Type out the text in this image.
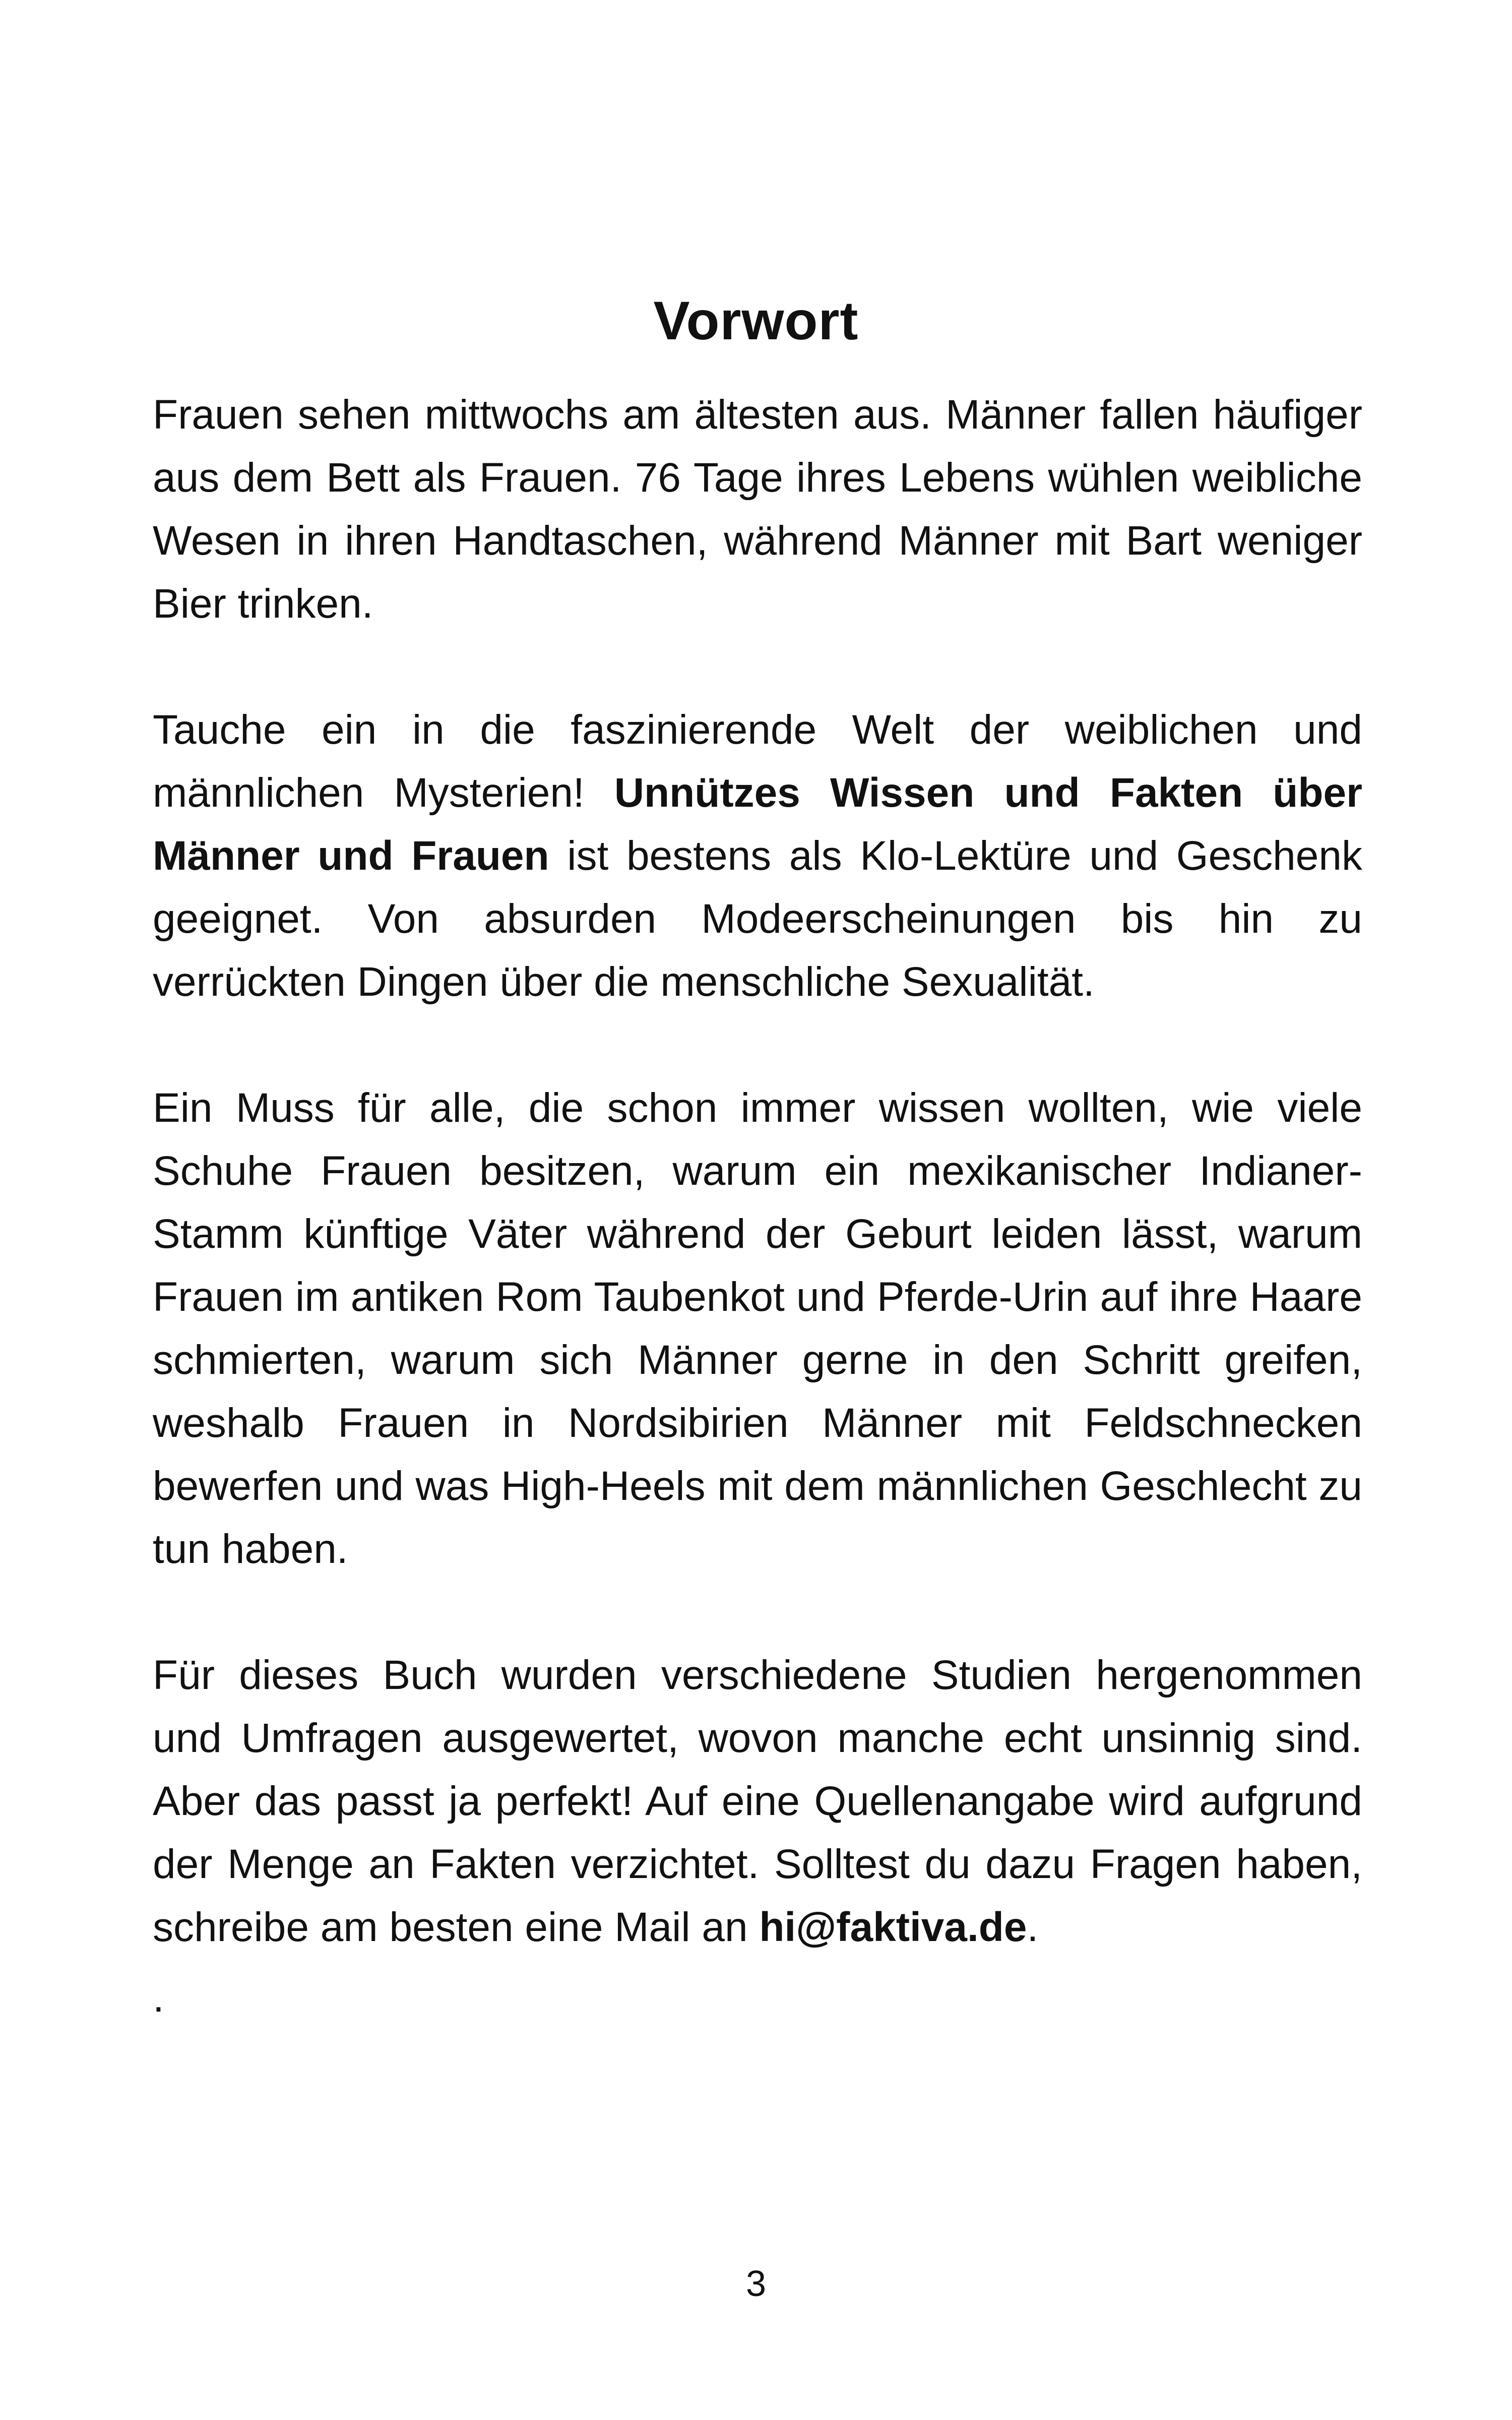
Vorwort

Frauen sehen mittwochs am ältesten aus. Männer fallen häufiger aus dem Bett als Frauen. 76 Tage ihres Lebens wühlen weibliche Wesen in ihren Handtaschen, während Männer mit Bart weniger Bier trinken.

Tauche ein in die faszinierende Welt der weiblichen und männlichen Mysterien! Unnützes Wissen und Fakten über Männer und Frauen ist bestens als Klo-Lektüre und Geschenk geeignet. Von absurden Modeerscheinungen bis hin zu verrückten Dingen über die menschliche Sexualität.

Ein Muss für alle, die schon immer wissen wollten, wie viele Schuhe Frauen besitzen, warum ein mexikanischer Indianer-Stamm künftige Väter während der Geburt leiden lässt, warum Frauen im antiken Rom Taubenkot und Pferde-Urin auf ihre Haare schmierten, warum sich Männer gerne in den Schritt greifen, weshalb Frauen in Nordsibirien Männer mit Feldschnecken bewerfen und was High-Heels mit dem männlichen Geschlecht zu tun haben.

Für dieses Buch wurden verschiedene Studien hergenommen und Umfragen ausgewertet, wovon manche echt unsinnig sind. Aber das passt ja perfekt! Auf eine Quellenangabe wird aufgrund der Menge an Fakten verzichtet. Solltest du dazu Fragen haben, schreibe am besten eine Mail an hi@faktiva.de.

.
3
